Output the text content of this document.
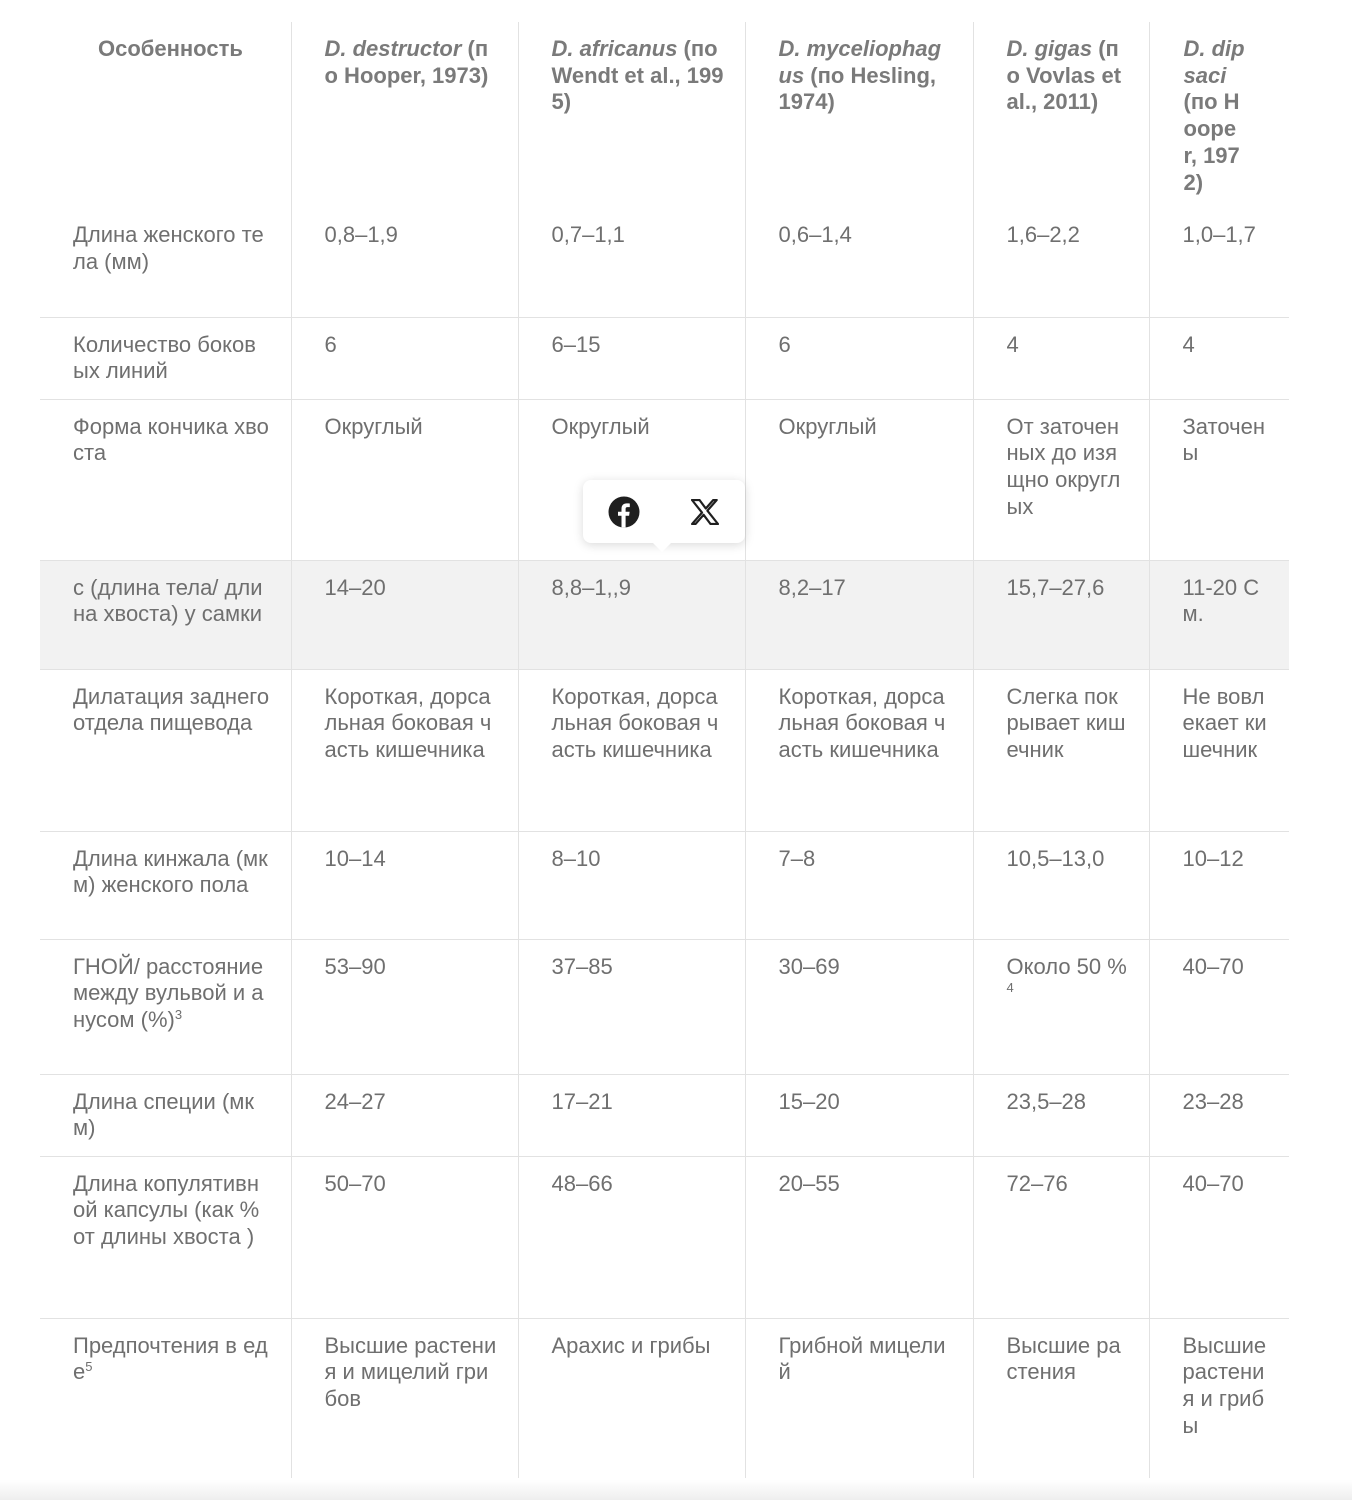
Особенность	D. destructor (по Hooper, 1973)	D. africanus (по Wendt et al., 1995)	D. myceliophagus (по Hesling, 1974)	D. gigas (по Vovlas et al., 2011)	D. dipsaci (по Hooper, 1972)
Длина женского тела (мм)	0,8–1,9	0,7–1,1	0,6–1,4	1,6–2,2	1,0–1,7
Количество боковых линий	6	6–15	6	4	4
Форма кончика хвоста	Округлый	Округлый	Округлый	От заточенных до изящно округлых	Заточены
с (длина тела/ длина хвоста) у самки	14–20	8,8–1,,9	8,2–17	15,7–27,6	11-20 См.
Дилатация заднего отдела пищевода	Короткая, дорсальная боковая часть кишечника	Короткая, дорсальная боковая часть кишечника	Короткая, дорсальная боковая часть кишечника	Слегка покрывает кишечник	Не вовлекает кишечник
Длина кинжала (мкм) женского пола	10–14	8–10	7–8	10,5–13,0	10–12
ГНОЙ/ расстояние между вульвой и анусом (%)$^3$	53–90	37–85	30–69	Около 50 %$^4$	40–70
Длина специи (мкм)	24–27	17–21	15–20	23,5–28	23–28
Длина копулятивной капсулы (как % от длины хвоста )	50–70	48–66	20–55	72–76	40–70
Предпочтения в еде$^5$	Высшие растения и мицелий грибов	Арахис и грибы	Грибной мицелий	Высшие растения	Высшие растения и грибы
